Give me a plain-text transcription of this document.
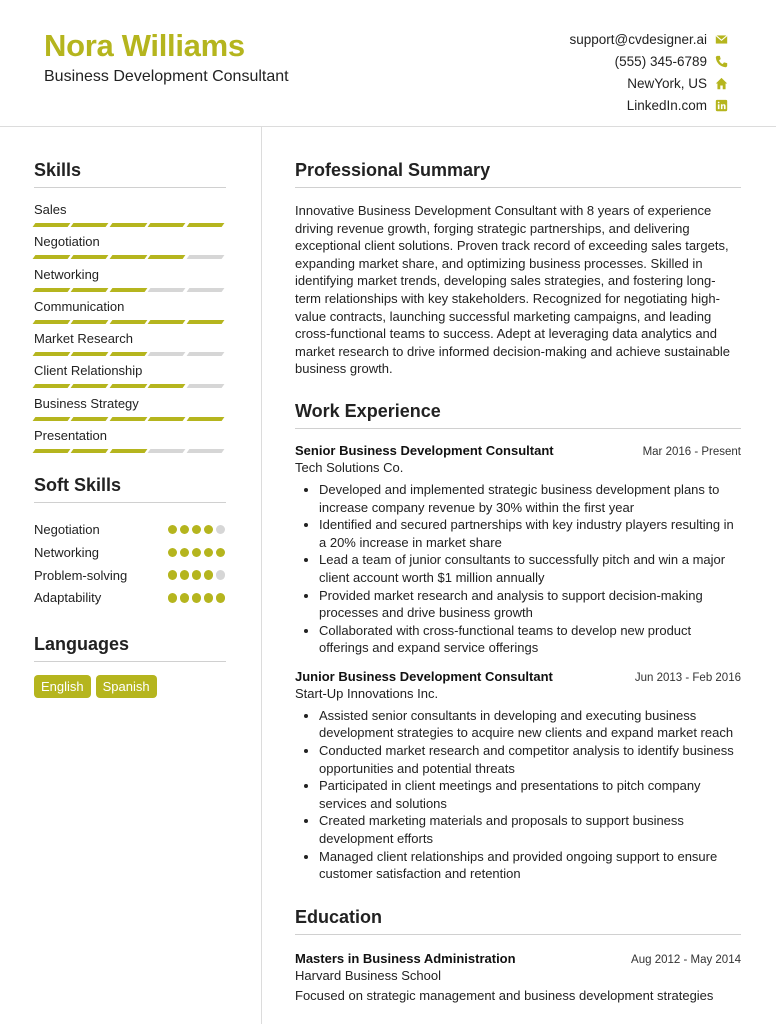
Nora Williams
Business Development Consultant
support@cvdesigner.ai
(555) 345-6789
NewYork, US
LinkedIn.com
Skills
Sales
Negotiation
Networking
Communication
Market Research
Client Relationship
Business Strategy
Presentation
Soft Skills
Negotiation
Networking
Problem-solving
Adaptability
Languages
English	Spanish
Professional Summary
Innovative Business Development Consultant with 8 years of experience driving revenue growth, forging strategic partnerships, and delivering exceptional client solutions. Proven track record of exceeding sales targets, expanding market share, and optimizing business processes. Skilled in identifying market trends, developing sales strategies, and fostering long-term relationships with key stakeholders. Recognized for negotiating high-value contracts, launching successful marketing campaigns, and leading cross-functional teams to success. Adept at leveraging data analytics and market research to drive informed decision-making and achieve sustainable business growth.
Work Experience
Senior Business Development Consultant	Mar 2016 - Present
Tech Solutions Co.
• Developed and implemented strategic business development plans to increase company revenue by 30% within the first year
• Identified and secured partnerships with key industry players resulting in a 20% increase in market share
• Lead a team of junior consultants to successfully pitch and win a major client account worth $1 million annually
• Provided market research and analysis to support decision-making processes and drive business growth
• Collaborated with cross-functional teams to develop new product offerings and expand service offerings
Junior Business Development Consultant	Jun 2013 - Feb 2016
Start-Up Innovations Inc.
• Assisted senior consultants in developing and executing business development strategies to acquire new clients and expand market reach
• Conducted market research and competitor analysis to identify business opportunities and potential threats
• Participated in client meetings and presentations to pitch company services and solutions
• Created marketing materials and proposals to support business development efforts
• Managed client relationships and provided ongoing support to ensure customer satisfaction and retention
Education
Masters in Business Administration	Aug 2012 - May 2014
Harvard Business School
Focused on strategic management and business development strategies
